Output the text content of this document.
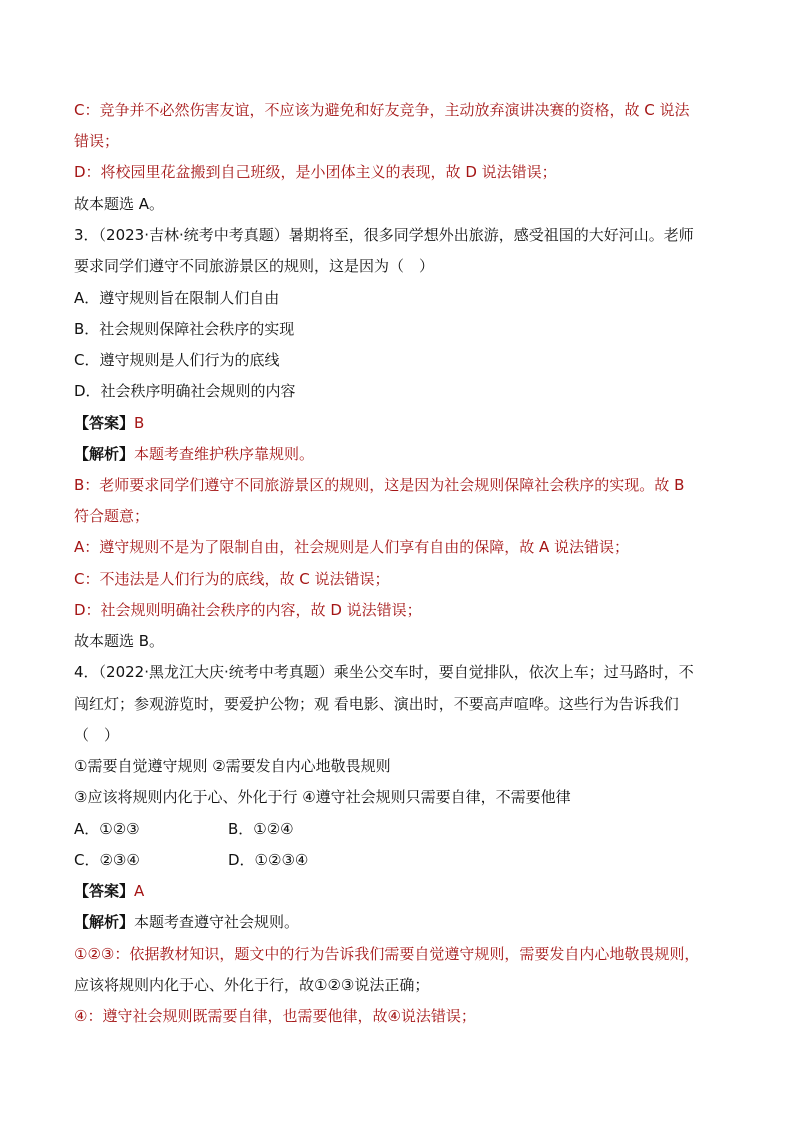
C：竞争并不必然伤害友谊，不应该为避免和好友竞争，主动放弃演讲决赛的资格，故 C 说法
错误；
D：将校园里花盆搬到自己班级，是小团体主义的表现，故 D 说法错误；
故本题选 A。
3．（2023·吉林·统考中考真题）暑期将至，很多同学想外出旅游，感受祖国的大好河山。老师
要求同学们遵守不同旅游景区的规则，这是因为（　）
A．遵守规则旨在限制人们自由
B．社会规则保障社会秩序的实现
C．遵守规则是人们行为的底线
D．社会秩序明确社会规则的内容
【答案】B
【解析】本题考查维护秩序靠规则。
B：老师要求同学们遵守不同旅游景区的规则，这是因为社会规则保障社会秩序的实现。故 B
符合题意；
A：遵守规则不是为了限制自由，社会规则是人们享有自由的保障，故 A 说法错误；
C：不违法是人们行为的底线，故 C 说法错误；
D：社会规则明确社会秩序的内容，故 D 说法错误；
故本题选 B。
4．（2022·黑龙江大庆·统考中考真题）乘坐公交车时，要自觉排队，依次上车；过马路时，不
闯红灯；参观游览时，要爱护公物；观 看电影、演出时，不要高声喧哗。这些行为告诉我们
（　）
①需要自觉遵守规则 ②需要发自内心地敬畏规则
③应该将规则内化于心、外化于行 ④遵守社会规则只需要自律，不需要他律
A．①②③	B．①②④
C．②③④	D．①②③④
【答案】A
【解析】本题考查遵守社会规则。
①②③：依据教材知识，题文中的行为告诉我们需要自觉遵守规则，需要发自内心地敬畏规则，
应该将规则内化于心、外化于行，故①②③说法正确；
④：遵守社会规则既需要自律，也需要他律，故④说法错误；
